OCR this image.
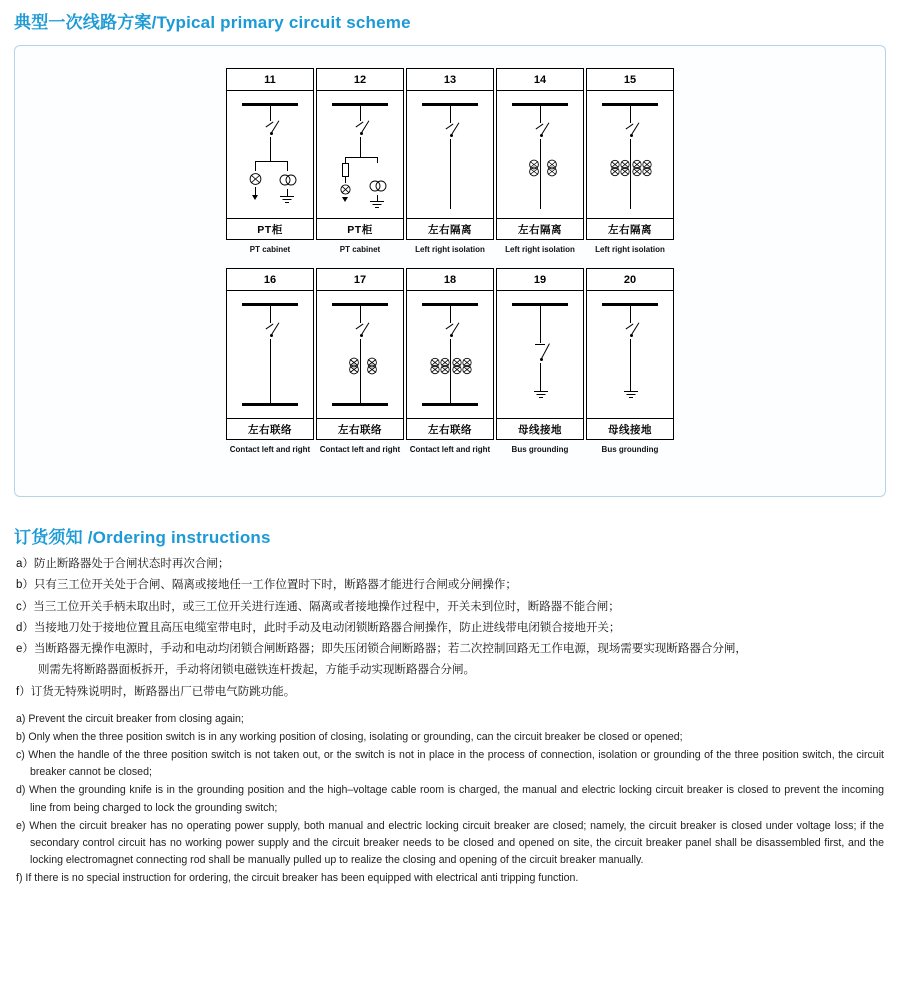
典型一次线路方案/Typical primary circuit scheme
11
PT柜
PT cabinet
12
PT柜
PT cabinet
13
左右隔离
Left right isolation
14
左右隔离
Left right isolation
15
左右隔离
Left right isolation
16
左右联络
Contact left and right
17
左右联络
Contact left and right
18
左右联络
Contact left and right
19
母线接地
Bus grounding
20
母线接地
Bus grounding
订货须知 /Ordering instructions
a）防止断路器处于合闸状态时再次合闸；
b）只有三工位开关处于合闸、隔离或接地任一工作位置时下时，断路器才能进行合闸或分闸操作；
c）当三工位开关手柄未取出时，或三工位开关进行连通、隔离或者接地操作过程中，开关未到位时，断路器不能合闸；
d）当接地刀处于接地位置且高压电缆室带电时，此时手动及电动闭锁断路器合闸操作，防止进线带电闭锁合接地开关；
e）当断路器无操作电源时，手动和电动均闭锁合闸断路器；即失压闭锁合闸断路器；若二次控制回路无工作电源，现场需要实现断路器合分闸，
则需先将断路器面板拆开，手动将闭锁电磁铁连杆拨起，方能手动实现断路器合分闸。
f）订货无特殊说明时，断路器出厂已带电气防跳功能。
a) Prevent the circuit breaker from closing again;
b) Only when the three position switch is in any working position of closing, isolating or grounding, can the circuit breaker be closed or opened;
c) When the handle of the three position switch is not taken out, or the switch is not in place in the process of connection, isolation or grounding of the three position switch, the circuit breaker cannot be closed;
d) When the grounding knife is in the grounding position and the high–voltage cable room is charged, the manual and electric locking circuit breaker is closed to prevent the incoming line from being charged to lock the grounding switch;
e) When the circuit breaker has no operating power supply, both manual and electric locking circuit breaker are closed; namely, the circuit breaker is closed under voltage loss; if the secondary control circuit has no working power supply and the circuit breaker needs to be closed and opened on site, the circuit breaker panel shall be disassembled first, and the locking electromagnet connecting rod shall be manually pulled up to realize the closing and opening of the circuit breaker manually.
f) If there is no special instruction for ordering, the circuit breaker has been equipped with electrical anti tripping function.
